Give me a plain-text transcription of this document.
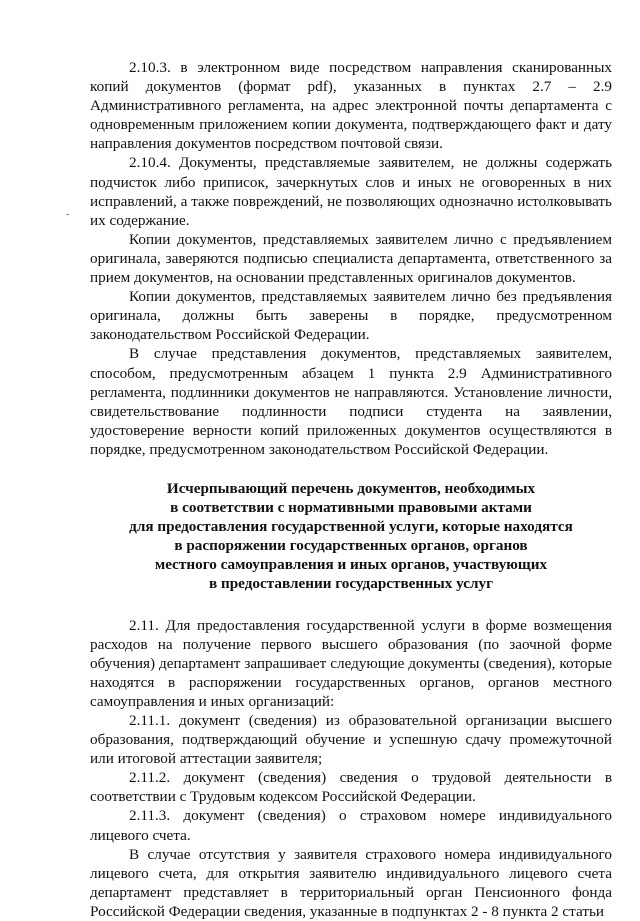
2.10.3. в электронном виде посредством направления сканированных копий документов (формат pdf), указанных в пунктах 2.7 – 2.9 Административного регламента, на адрес электронной почты департамента с одновременным приложением копии документа, подтверждающего факт и дату направления документов посредством почтовой связи.

2.10.4. Документы, представляемые заявителем, не должны содержать подчисток либо приписок, зачеркнутых слов и иных не оговоренных в них исправлений, а также повреждений, не позволяющих однозначно истолковывать их содержание.

Копии документов, представляемых заявителем лично с предъявлением оригинала, заверяются подписью специалиста департамента, ответственного за прием документов, на основании представленных оригиналов документов.

Копии документов, представляемых заявителем лично без предъявления оригинала, должны быть заверены в порядке, предусмотренном законодательством Российской Федерации.

В случае представления документов, представляемых заявителем, способом, предусмотренным абзацем 1 пункта 2.9 Административного регламента, подлинники документов не направляются. Установление личности, свидетельствование подлинности подписи студента на заявлении, удостоверение верности копий приложенных документов осуществляются в порядке, предусмотренном законодательством Российской Федерации.

Исчерпывающий перечень документов, необходимых
в соответствии с нормативными правовыми актами
для предоставления государственной услуги, которые находятся
в распоряжении государственных органов, органов
местного самоуправления и иных органов, участвующих
в предоставлении государственных услуг

2.11. Для предоставления государственной услуги в форме возмещения расходов на получение первого высшего образования (по заочной форме обучения) департамент запрашивает следующие документы (сведения), которые находятся в распоряжении государственных органов, органов местного самоуправления и иных организаций:

2.11.1. документ (сведения) из образовательной организации высшего образования, подтверждающий обучение и успешную сдачу промежуточной или итоговой аттестации заявителя;

2.11.2. документ (сведения) сведения о трудовой деятельности в соответствии с Трудовым кодексом Российской Федерации.

2.11.3. документ (сведения) о страховом номере индивидуального лицевого счета.

В случае отсутствия у заявителя страхового номера индивидуального лицевого счета, для открытия заявителю индивидуального лицевого счета департамент представляет в территориальный орган Пенсионного фонда Российской Федерации сведения, указанные в подпунктах 2 - 8 пункта 2 статьи
